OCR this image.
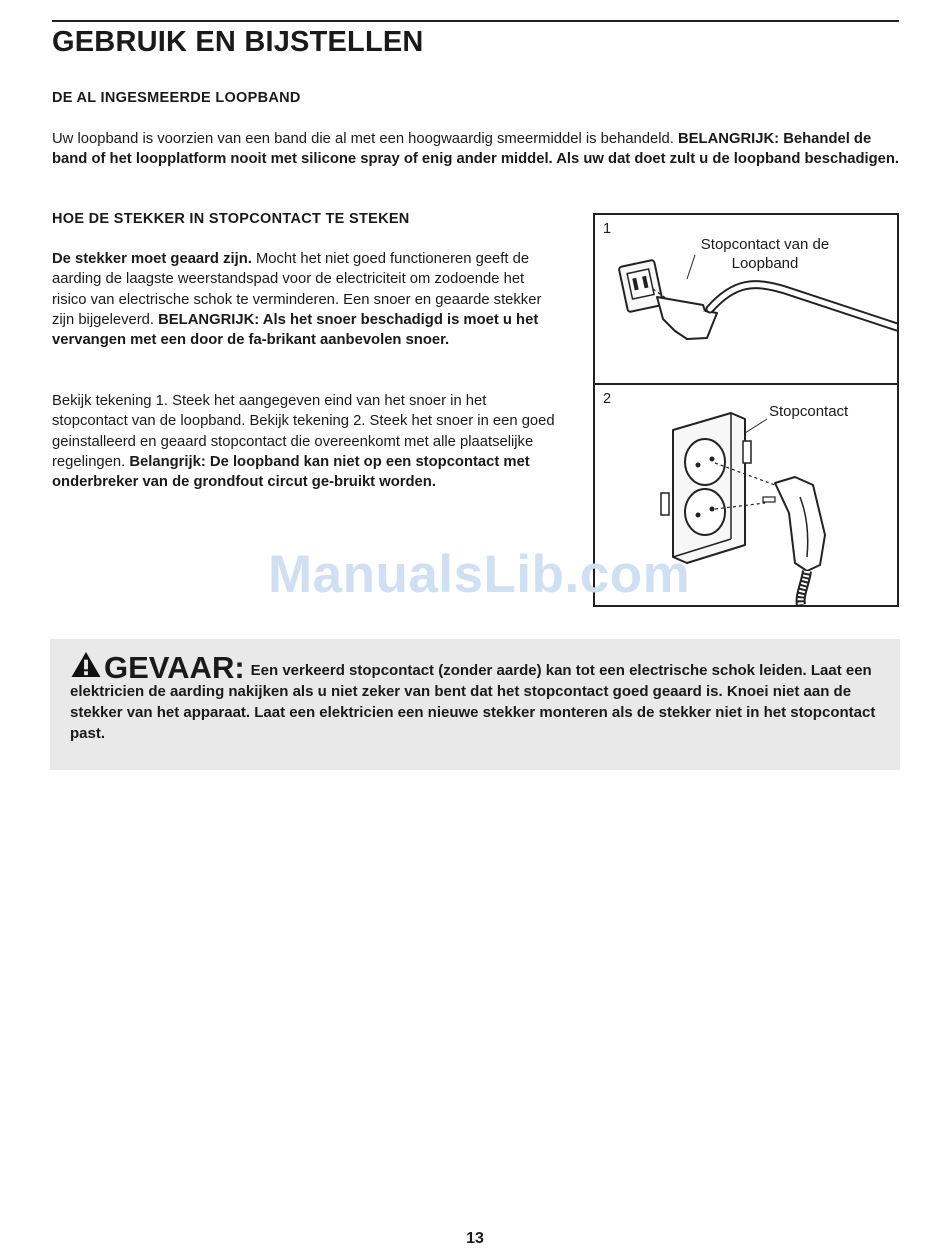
GEBRUIK EN BIJSTELLEN
DE AL INGESMEERDE LOOPBAND

Uw loopband is voorzien van een band die al met een hoogwaardig smeermiddel is behandeld. BELANGRIJK: Behandel de band of het loopplatform nooit met silicone spray of enig ander middel. Als uw dat doet zult u de loopband beschadigen.

HOE DE STEKKER IN STOPCONTACT TE STEKEN

De stekker moet geaard zijn. Mocht het niet goed functioneren geeft de aarding de laagste weerstandspad voor de electriciteit om zodoende het risico van electrische schok te verminderen. Een snoer en geaarde stekker zijn bijgeleverd. BELANGRIJK: Als het snoer beschadigd is moet u het vervangen met een door de fa-brikant aanbevolen snoer.

Bekijk tekening 1. Steek het aangegeven eind van het snoer in het stopcontact van de loopband. Bekijk tekening 2. Steek het snoer in een goed geinstalleerd en geaard stopcontact die overeenkomt met alle plaatselijke regelingen. Belangrijk: De loopband kan niet op een stopcontact met onderbreker van de grondfout circut ge-bruikt worden.

1
Stopcontact van de Loopband
2
Stopcontact
ManualsLib.com

GEVAAR: Een verkeerd stopcontact (zonder aarde) kan tot een electrische schok leiden. Laat een elektricien de aarding nakijken als u niet zeker van bent dat het stopcontact goed geaard is. Knoei niet aan de stekker van het apparaat. Laat een elektricien een nieuwe stekker monteren als de stekker niet in het stopcontact past.

13
